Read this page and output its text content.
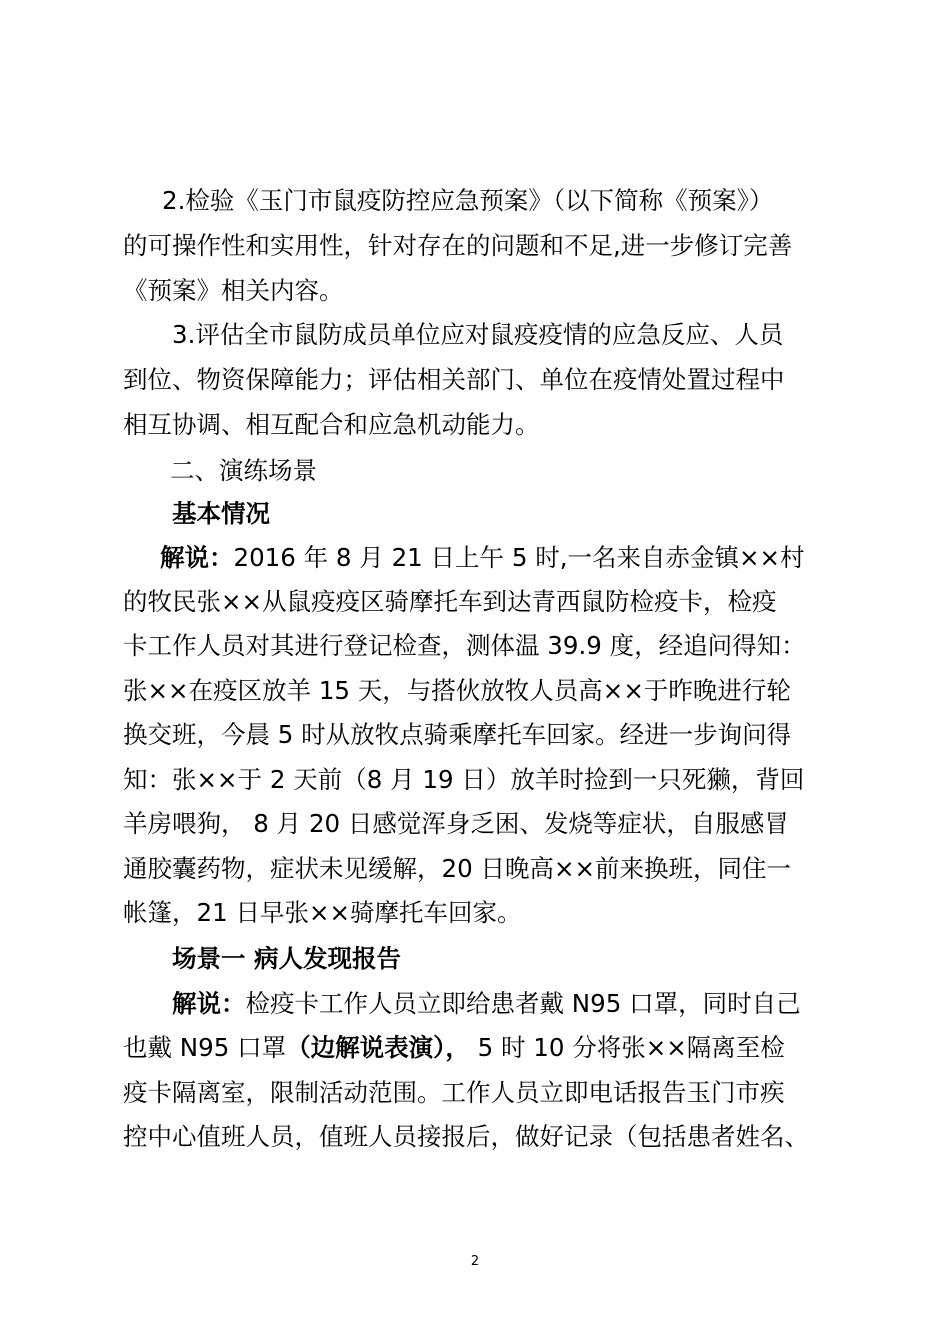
2.检验《玉门市鼠疫防控应急预案》（以下简称《预案》）
的可操作性和实用性，针对存在的问题和不足,进一步修订完善
《预案》相关内容。
3.评估全市鼠防成员单位应对鼠疫疫情的应急反应、人员
到位、物资保障能力；评估相关部门、单位在疫情处置过程中
相互协调、相互配合和应急机动能力。
二、演练场景
基本情况
解说：2016 年 8 月 21 日上午 5 时,一名来自赤金镇××村
的牧民张××从鼠疫疫区骑摩托车到达青西鼠防检疫卡，检疫
卡工作人员对其进行登记检查，测体温 39.9 度，经追问得知：
张××在疫区放羊 15 天，与搭伙放牧人员高××于昨晚进行轮
换交班，今晨 5 时从放牧点骑乘摩托车回家。经进一步询问得
知：张××于 2 天前（8 月 19 日）放羊时捡到一只死獭，背回
羊房喂狗， 8 月 20 日感觉浑身乏困、发烧等症状，自服感冒
通胶囊药物，症状未见缓解，20 日晚高××前来换班，同住一
帐篷，21 日早张××骑摩托车回家。
场景一 病人发现报告
解说：检疫卡工作人员立即给患者戴 N95 口罩，同时自己
也戴 N95 口罩（边解说表演）， 5 时 10 分将张××隔离至检
疫卡隔离室，限制活动范围。工作人员立即电话报告玉门市疾
控中心值班人员，值班人员接报后，做好记录（包括患者姓名、
2
